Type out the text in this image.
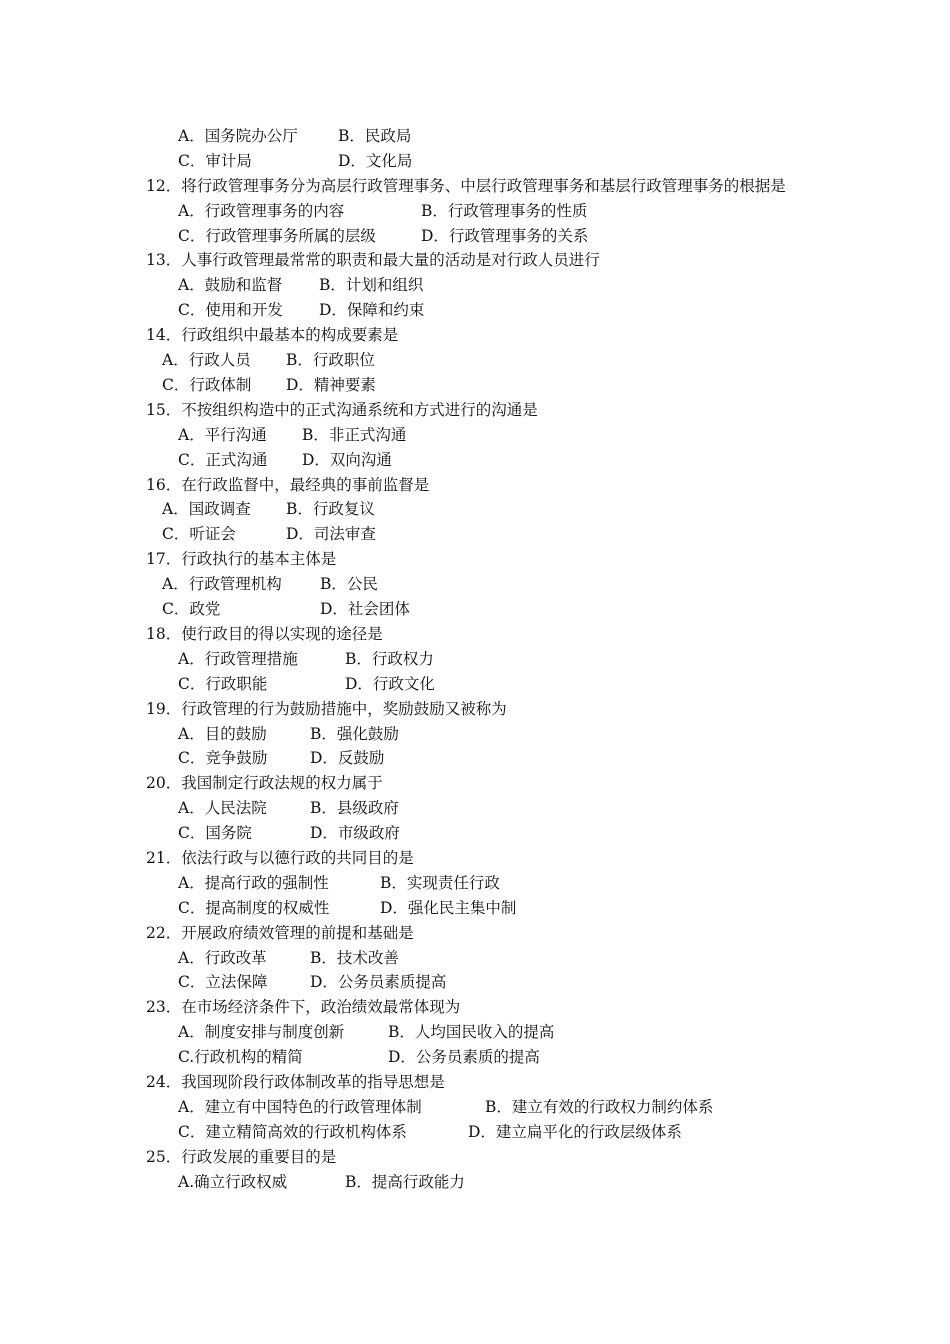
A．国务院办公厅	B．民政局
C．审计局	D．文化局
12．将行政管理事务分为高层行政管理事务、中层行政管理事务和基层行政管理事务的根据是
A．行政管理事务的内容	B．行政管理事务的性质
C．行政管理事务所属的层级	D．行政管理事务的关系
13．人事行政管理最常常的职责和最大量的活动是对行政人员进行
A．鼓励和监督 B．计划和组织
C．使用和开发 D．保障和约束
14．行政组织中最基本的构成要素是
A．行政人员 B．行政职位
C．行政体制 D．精神要素
15．不按组织构造中的正式沟通系统和方式进行的沟通是
A．平行沟通 B．非正式沟通
C．正式沟通 D．双向沟通
16．在行政监督中，最经典的事前监督是
A．国政调查 B．行政复议
C．听证会	D．司法审查
17．行政执行的基本主体是
A．行政管理机构 B．公民
C．政党	D．社会团体
18．使行政目的得以实现的途径是
A．行政管理措施	B．行政权力
C．行政职能	D．行政文化
19．行政管理的行为鼓励措施中，奖励鼓励又被称为
A．目的鼓励	B．强化鼓励
C．竞争鼓励	D．反鼓励
20．我国制定行政法规的权力属于
A．人民法院	B．县级政府
C．国务院	D．市级政府
21．依法行政与以德行政的共同目的是
A．提高行政的强制性	B．实现责任行政
C．提高制度的权威性	D．强化民主集中制
22．开展政府绩效管理的前提和基础是
A．行政改革	B．技术改善
C．立法保障	D．公务员素质提高
23．在市场经济条件下，政治绩效最常体现为
A．制度安排与制度创新	B．人均国民收入的提高
C.行政机构的精简	D．公务员素质的提高
24．我国现阶段行政体制改革的指导思想是
A．建立有中国特色的行政管理体制	B．建立有效的行政权力制约体系
C．建立精简高效的行政机构体系	D．建立扁平化的行政层级体系
25．行政发展的重要目的是
A.确立行政权威	B．提高行政能力
